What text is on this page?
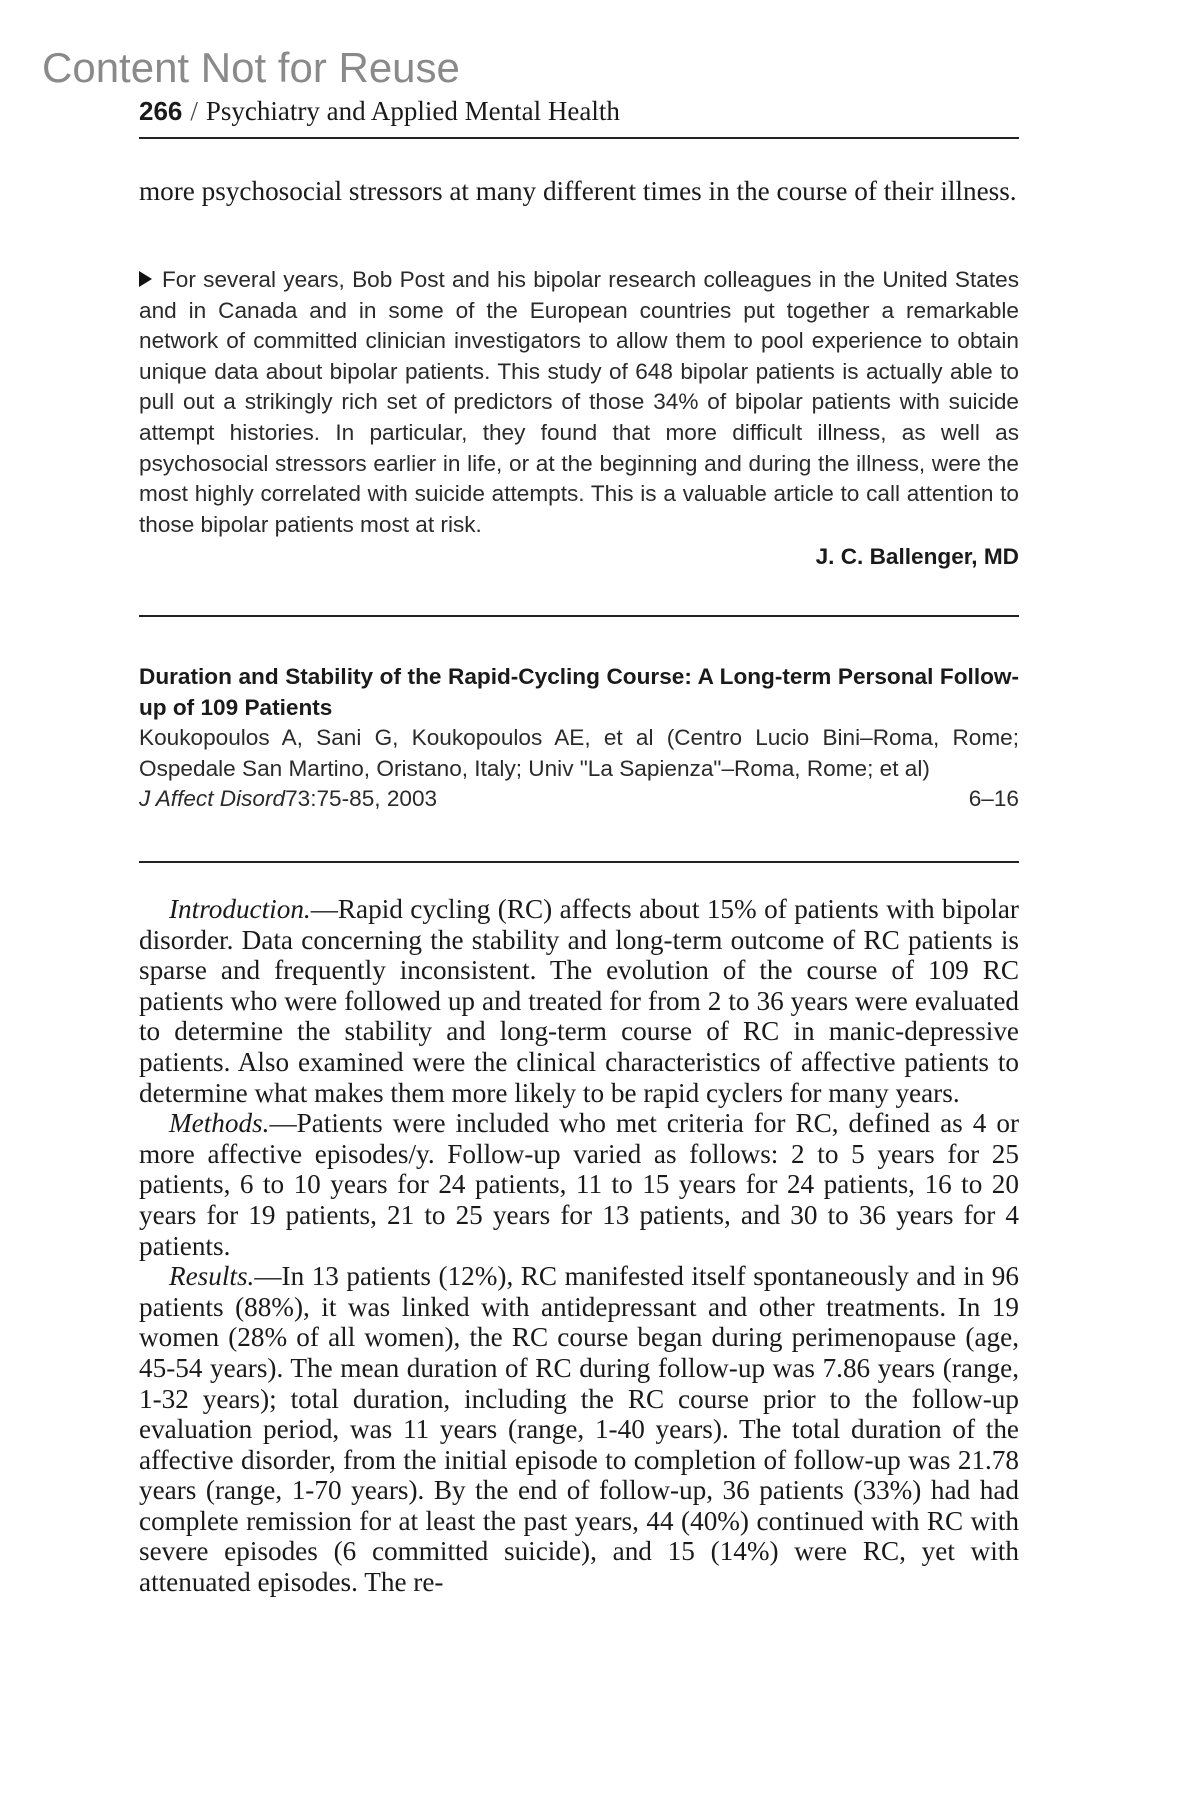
Content Not for Reuse
266 / Psychiatry and Applied Mental Health

more psychosocial stressors at many different times in the course of their illness.

For several years, Bob Post and his bipolar research colleagues in the United States and in Canada and in some of the European countries put together a remarkable network of committed clinician investigators to allow them to pool experience to obtain unique data about bipolar patients. This study of 648 bipolar patients is actually able to pull out a strikingly rich set of predictors of those 34% of bipolar patients with suicide attempt histories. In particular, they found that more difficult illness, as well as psychosocial stressors earlier in life, or at the beginning and during the illness, were the most highly correlated with suicide attempts. This is a valuable article to call attention to those bipolar patients most at risk.

J. C. Ballenger, MD

Duration and Stability of the Rapid-Cycling Course: A Long-term Personal Follow-up of 109 Patients

Koukopoulos A, Sani G, Koukopoulos AE, et al (Centro Lucio Bini–Roma, Rome; Ospedale San Martino, Oristano, Italy; Univ "La Sapienza"–Roma, Rome; et al)

J Affect Disord73:75-85, 2003	6–16

Introduction.—Rapid cycling (RC) affects about 15% of patients with bipolar disorder. Data concerning the stability and long-term outcome of RC patients is sparse and frequently inconsistent. The evolution of the course of 109 RC patients who were followed up and treated for from 2 to 36 years were evaluated to determine the stability and long-term course of RC in manic-depressive patients. Also examined were the clinical characteristics of affective patients to determine what makes them more likely to be rapid cyclers for many years.

Methods.—Patients were included who met criteria for RC, defined as 4 or more affective episodes/y. Follow-up varied as follows: 2 to 5 years for 25 patients, 6 to 10 years for 24 patients, 11 to 15 years for 24 patients, 16 to 20 years for 19 patients, 21 to 25 years for 13 patients, and 30 to 36 years for 4 patients.

Results.—In 13 patients (12%), RC manifested itself spontaneously and in 96 patients (88%), it was linked with antidepressant and other treatments. In 19 women (28% of all women), the RC course began during perimenopause (age, 45-54 years). The mean duration of RC during follow-up was 7.86 years (range, 1-32 years); total duration, including the RC course prior to the follow-up evaluation period, was 11 years (range, 1-40 years). The total duration of the affective disorder, from the initial episode to completion of follow-up was 21.78 years (range, 1-70 years). By the end of follow-up, 36 patients (33%) had had complete remission for at least the past years, 44 (40%) continued with RC with severe episodes (6 committed suicide), and 15 (14%) were RC, yet with attenuated episodes. The re-
